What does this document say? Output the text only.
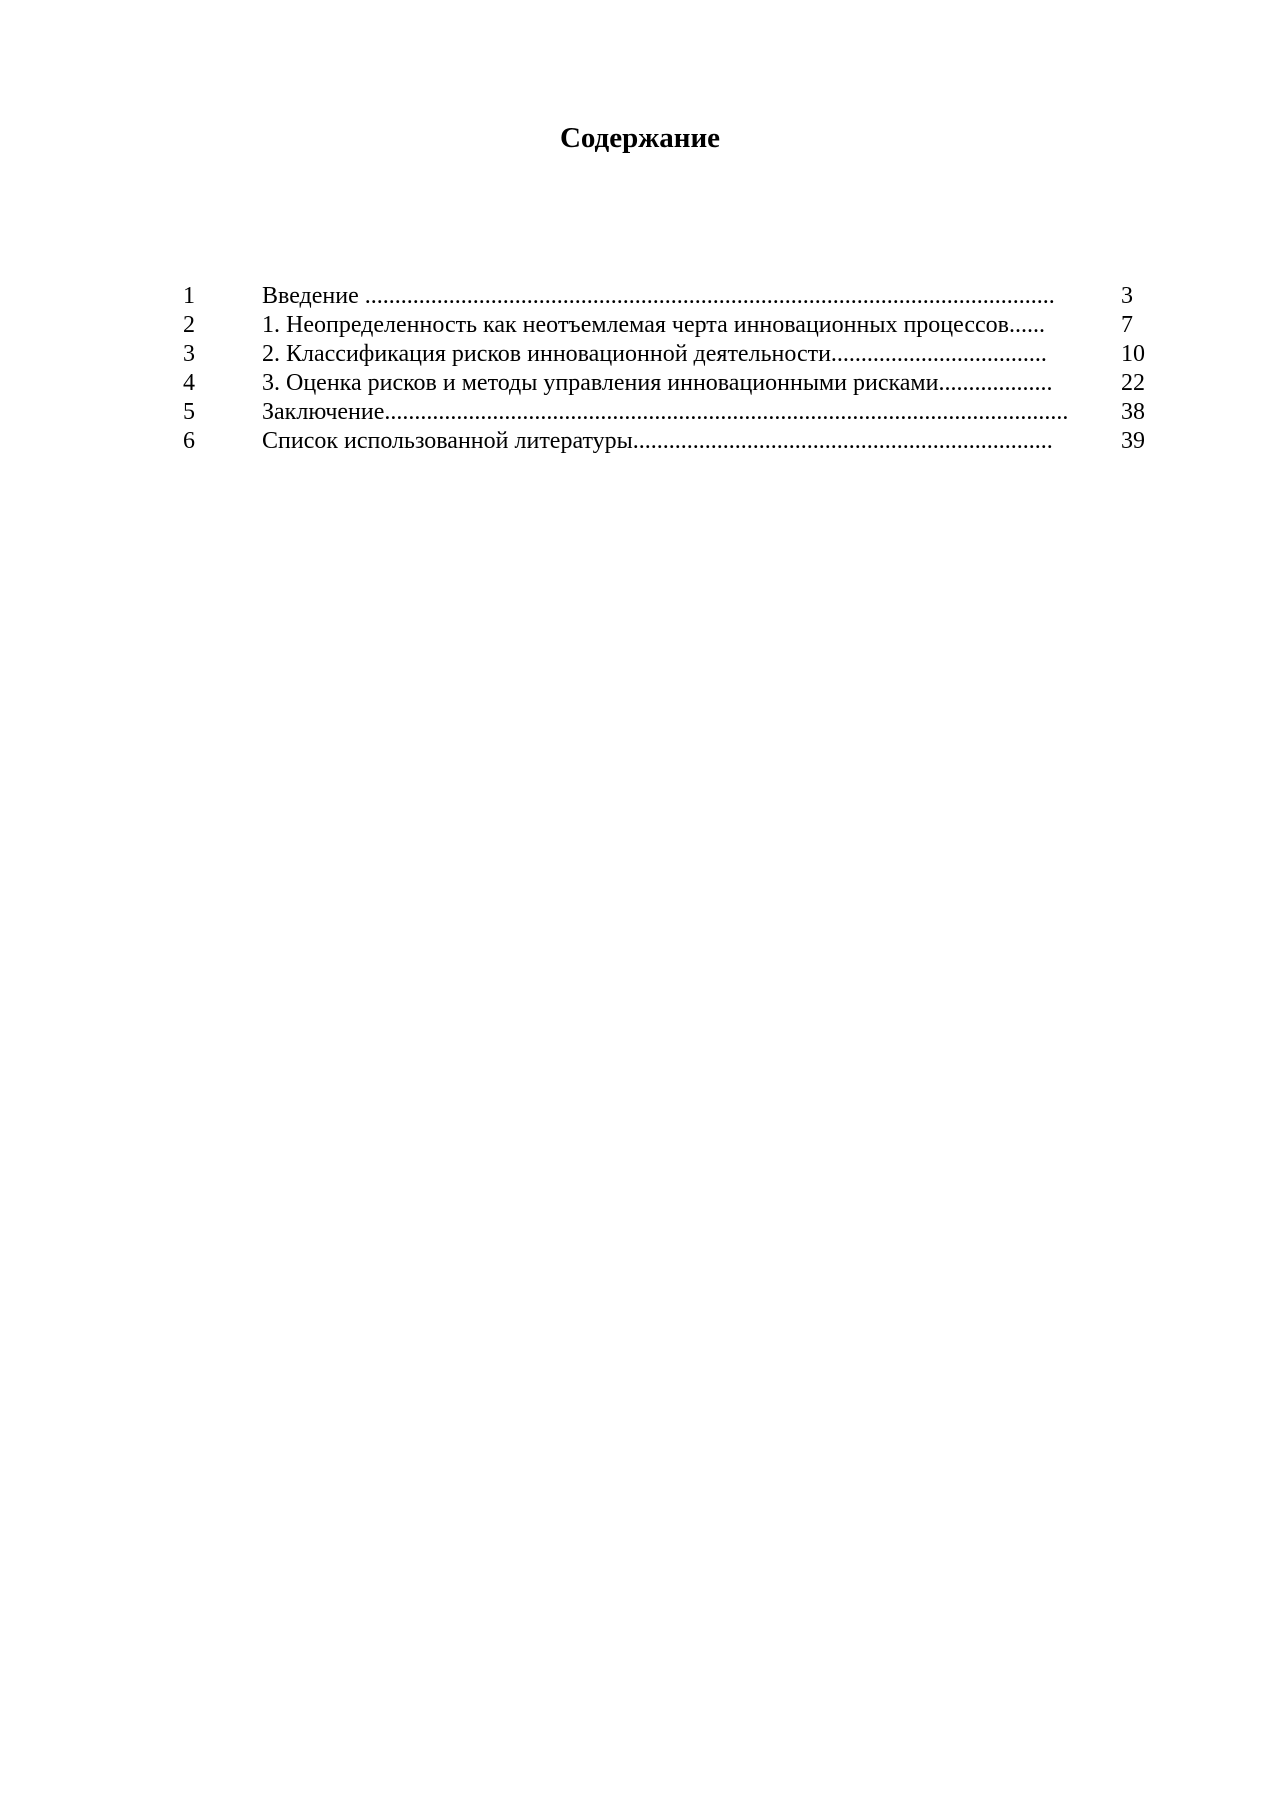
Содержание
1	Введение ...................................................................................................................	3
2	1. Неопределенность как неотъемлемая черта инновационных процессов......	7
3	2. Классификация рисков инновационной деятельности....................................	10
4	3. Оценка рисков и методы управления инновационными рисками...................	22
5	Заключение.................................................................................................................. 38
6	Список использованной литературы......................................................................	39
